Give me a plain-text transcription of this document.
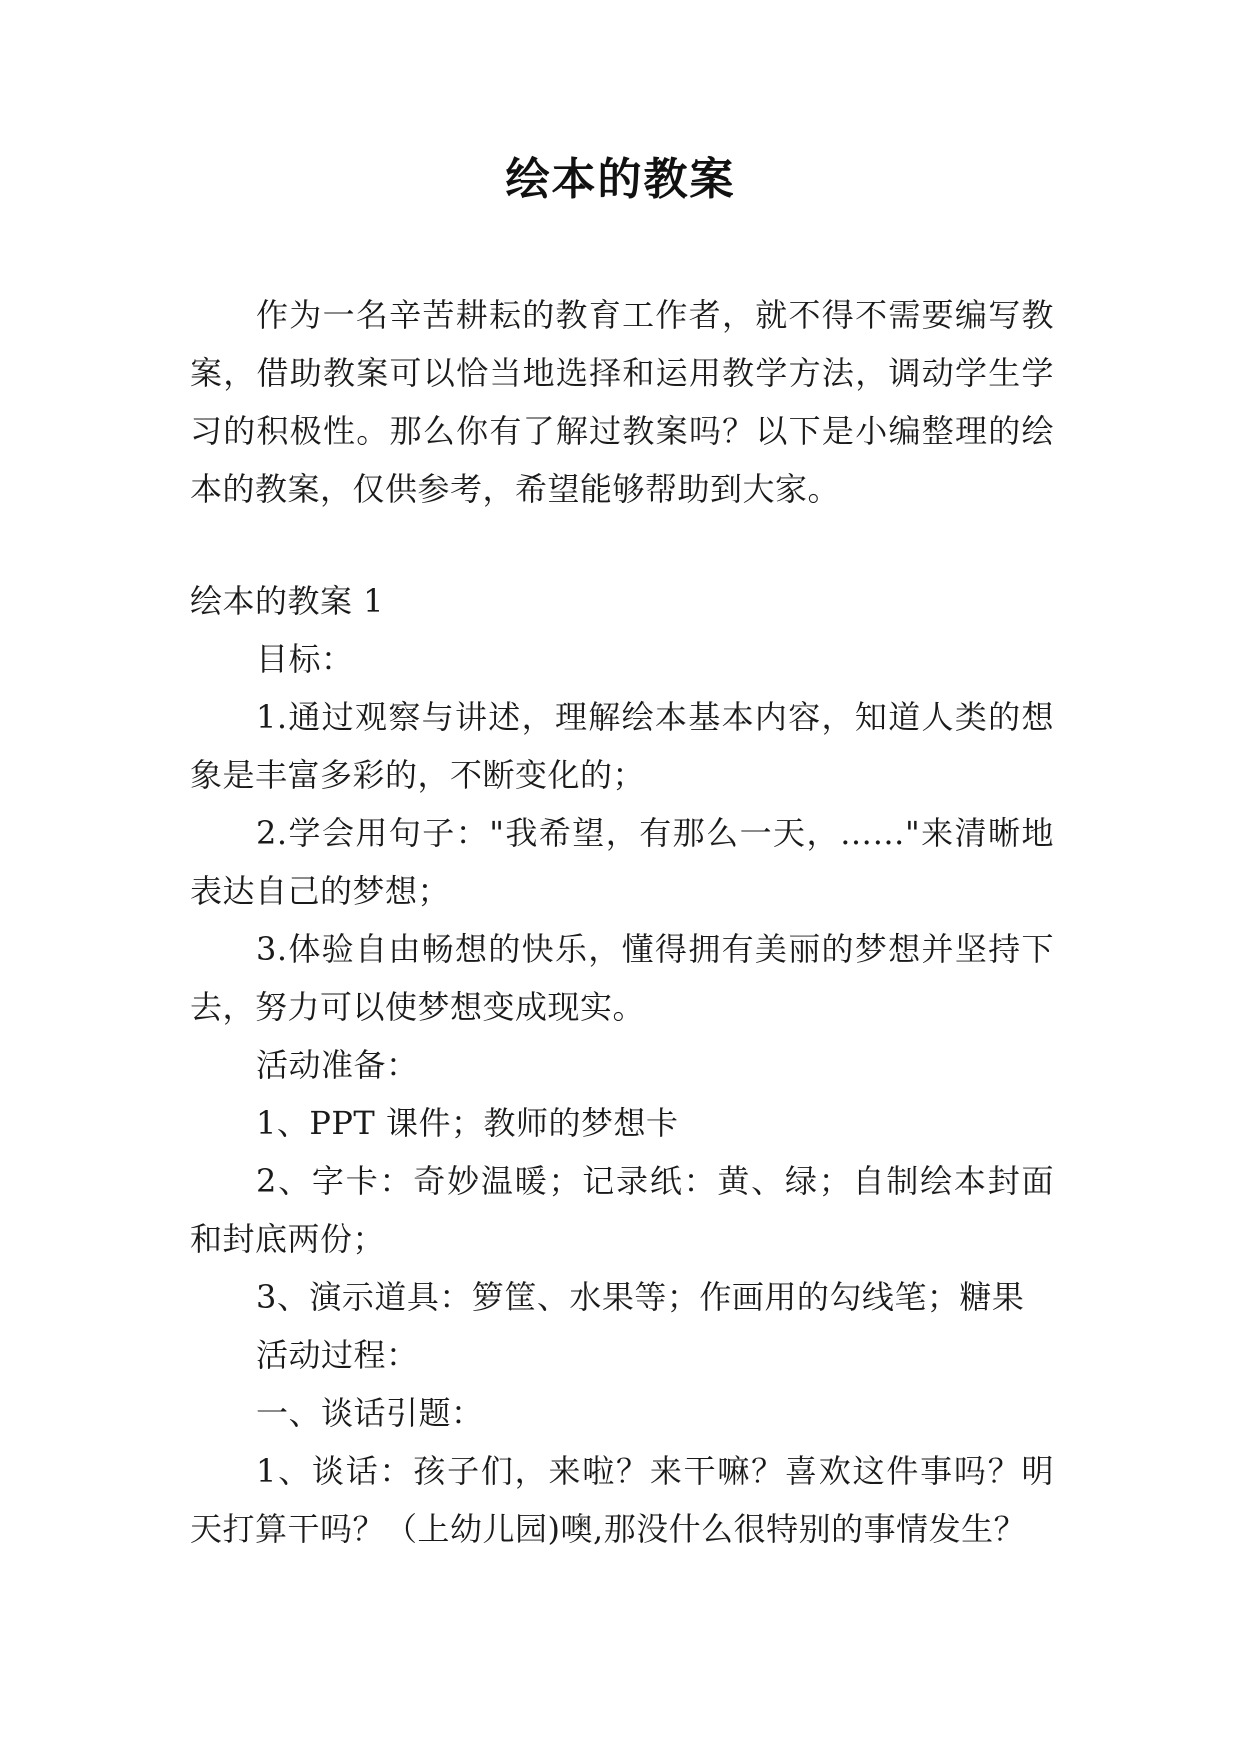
绘本的教案

作为一名辛苦耕耘的教育工作者，就不得不需要编写教案，借助教案可以恰当地选择和运用教学方法，调动学生学习的积极性。那么你有了解过教案吗？以下是小编整理的绘本的教案，仅供参考，希望能够帮助到大家。

绘本的教案 1

目标：

1.通过观察与讲述，理解绘本基本内容，知道人类的想象是丰富多彩的，不断变化的；

2.学会用句子："我希望，有那么一天，……"来清晰地表达自己的梦想；

3.体验自由畅想的快乐，懂得拥有美丽的梦想并坚持下去，努力可以使梦想变成现实。

活动准备：

1、PPT 课件；教师的梦想卡

2、字卡：奇妙温暖；记录纸：黄、绿；自制绘本封面和封底两份；

3、演示道具：箩筐、水果等；作画用的勾线笔；糖果

活动过程：

一、谈话引题：

1、谈话：孩子们，来啦？来干嘛？喜欢这件事吗？明天打算干吗？（上幼儿园)噢,那没什么很特别的事情发生？
